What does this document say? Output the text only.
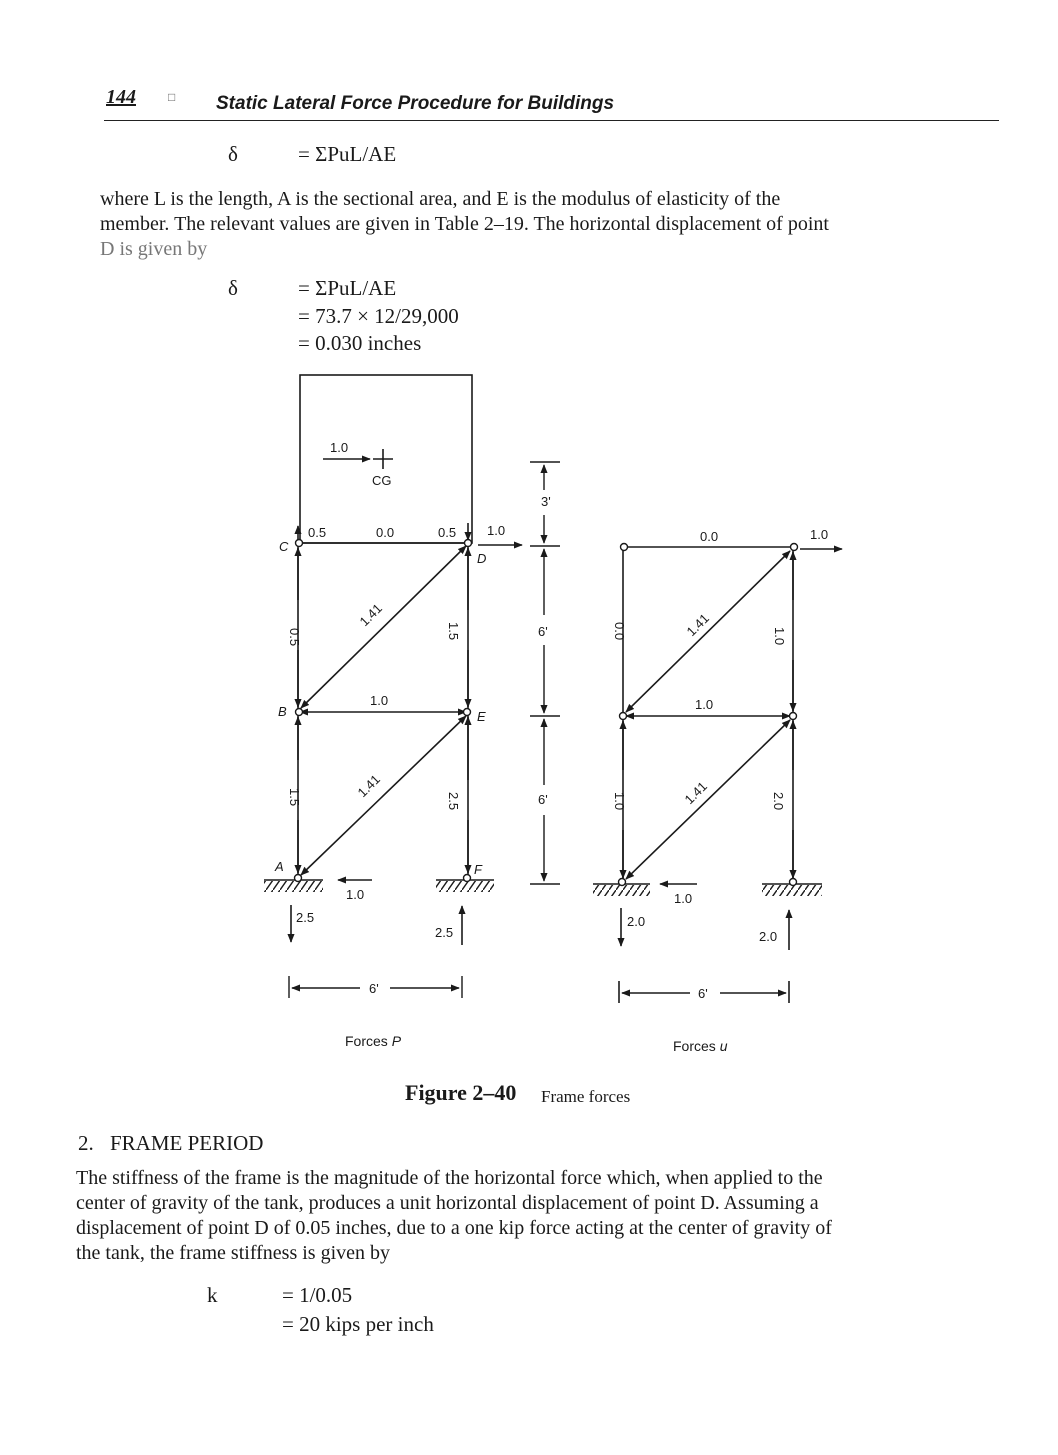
144	□ Static Lateral Force Procedure for Buildings
δ	= ΣPuL/AE
where L is the length, A is the sectional area, and E is the modulus of elasticity of the
member. The relevant values are given in Table 2–19. The horizontal displacement of point
D is given by
δ	= ΣPuL/AE
= 73.7 × 12/29,000
= 0.030 inches
1.0
CG
0.5	0.0	0.5 1.0
C
D
3'
6'
6'
0.5
1.41
1.5
1.0
B	E
1.5	1.41
2.5
A	F
1.0
2.5
2.5
6'
Forces P
0.0	1.0
0.0	1.41	1.0
1.0
1.0	1.41	2.0
1.0
2.0
2.0
6'
Forces u
Figure 2–40 Frame forces
2. FRAME PERIOD
The stiffness of the frame is the magnitude of the horizontal force which, when applied to the
center of gravity of the tank, produces a unit horizontal displacement of point D. Assuming a
displacement of point D of 0.05 inches, due to a one kip force acting at the center of gravity of
the tank, the frame stiffness is given by
k	= 1/0.05
= 20 kips per inch
